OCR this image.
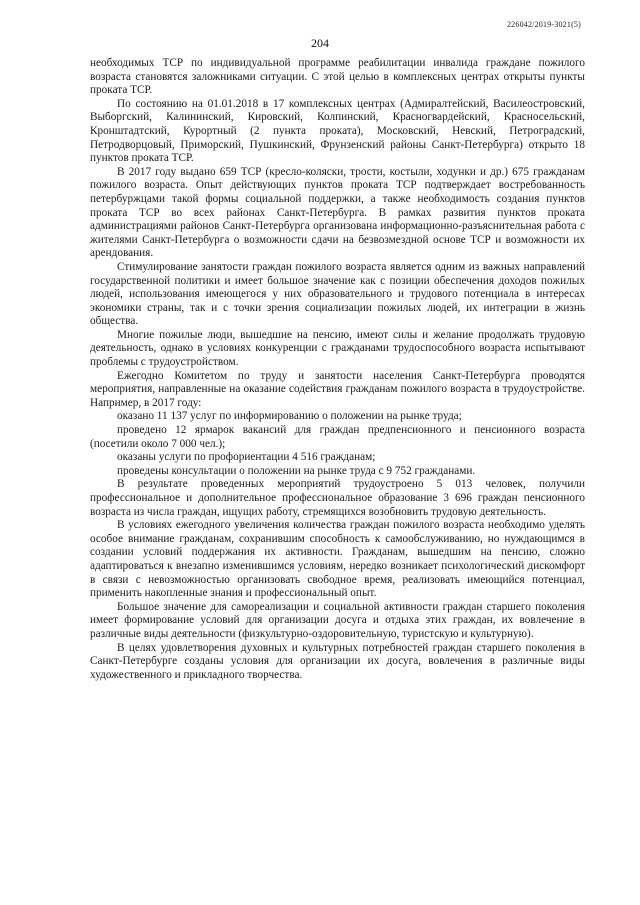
226042/2019-3021(5)
204

необходимых ТСР по индивидуальной программе реабилитации инвалида граждане пожилого возраста становятся заложниками ситуации. С этой целью в комплексных центрах открыты пункты проката ТСР.

По состоянию на 01.01.2018 в 17 комплексных центрах (Адмиралтейский, Василеостровский, Выборгский, Калининский, Кировский, Колпинский, Красногвардейский, Красносельский, Кронштадтский, Курортный (2 пункта проката), Московский, Невский, Петроградский, Петродворцовый, Приморский, Пушкинский, Фрунзенский районы Санкт-Петербурга) открыто 18 пунктов проката ТСР.

В 2017 году выдано 659 ТСР (кресло-коляски, трости, костыли, ходунки и др.) 675 гражданам пожилого возраста. Опыт действующих пунктов проката ТСР подтверждает востребованность петербуржцами такой формы социальной поддержки, а также необходимость создания пунктов проката ТСР во всех районах Санкт-Петербурга. В рамках развития пунктов проката администрациями районов Санкт-Петербурга организована информационно-разъяснительная работа с жителями Санкт-Петербурга о возможности сдачи на безвозмездной основе ТСР и возможности их арендования.

Стимулирование занятости граждан пожилого возраста является одним из важных направлений государственной политики и имеет большое значение как с позиции обеспечения доходов пожилых людей, использования имеющегося у них образовательного и трудового потенциала в интересах экономики страны, так и с точки зрения социализации пожилых людей, их интеграции в жизнь общества.

Многие пожилые люди, вышедшие на пенсию, имеют силы и желание продолжать трудовую деятельность, однако в условиях конкуренции с гражданами трудоспособного возраста испытывают проблемы с трудоустройством.

Ежегодно Комитетом по труду и занятости населения Санкт-Петербурга проводятся мероприятия, направленные на оказание содействия гражданам пожилого возраста в трудоустройстве. Например, в 2017 году:

оказано 11 137 услуг по информированию о положении на рынке труда;

проведено 12 ярмарок вакансий для граждан предпенсионного и пенсионного возраста (посетили около 7 000 чел.);

оказаны услуги по профориентации 4 516 гражданам;

проведены консультации о положении на рынке труда с 9 752 гражданами.

В результате проведенных мероприятий трудоустроено 5 013 человек, получили профессиональное и дополнительное профессиональное образование 3 696 граждан пенсионного возраста из числа граждан, ищущих работу, стремящихся возобновить трудовую деятельность.

В условиях ежегодного увеличения количества граждан пожилого возраста необходимо уделять особое внимание гражданам, сохранившим способность к самообслуживанию, но нуждающимся в создании условий поддержания их активности. Гражданам, вышедшим на пенсию, сложно адаптироваться к внезапно изменившимся условиям, нередко возникает психологический дискомфорт в связи с невозможностью организовать свободное время, реализовать имеющийся потенциал, применить накопленные знания и профессиональный опыт.

Большое значение для самореализации и социальной активности граждан старшего поколения имеет формирование условий для организации досуга и отдыха этих граждан, их вовлечение в различные виды деятельности (физкультурно-оздоровительную, туристскую и культурную).

В целях удовлетворения духовных и культурных потребностей граждан старшего поколения в Санкт-Петербурге созданы условия для организации их досуга, вовлечения в различные виды художественного и прикладного творчества.
